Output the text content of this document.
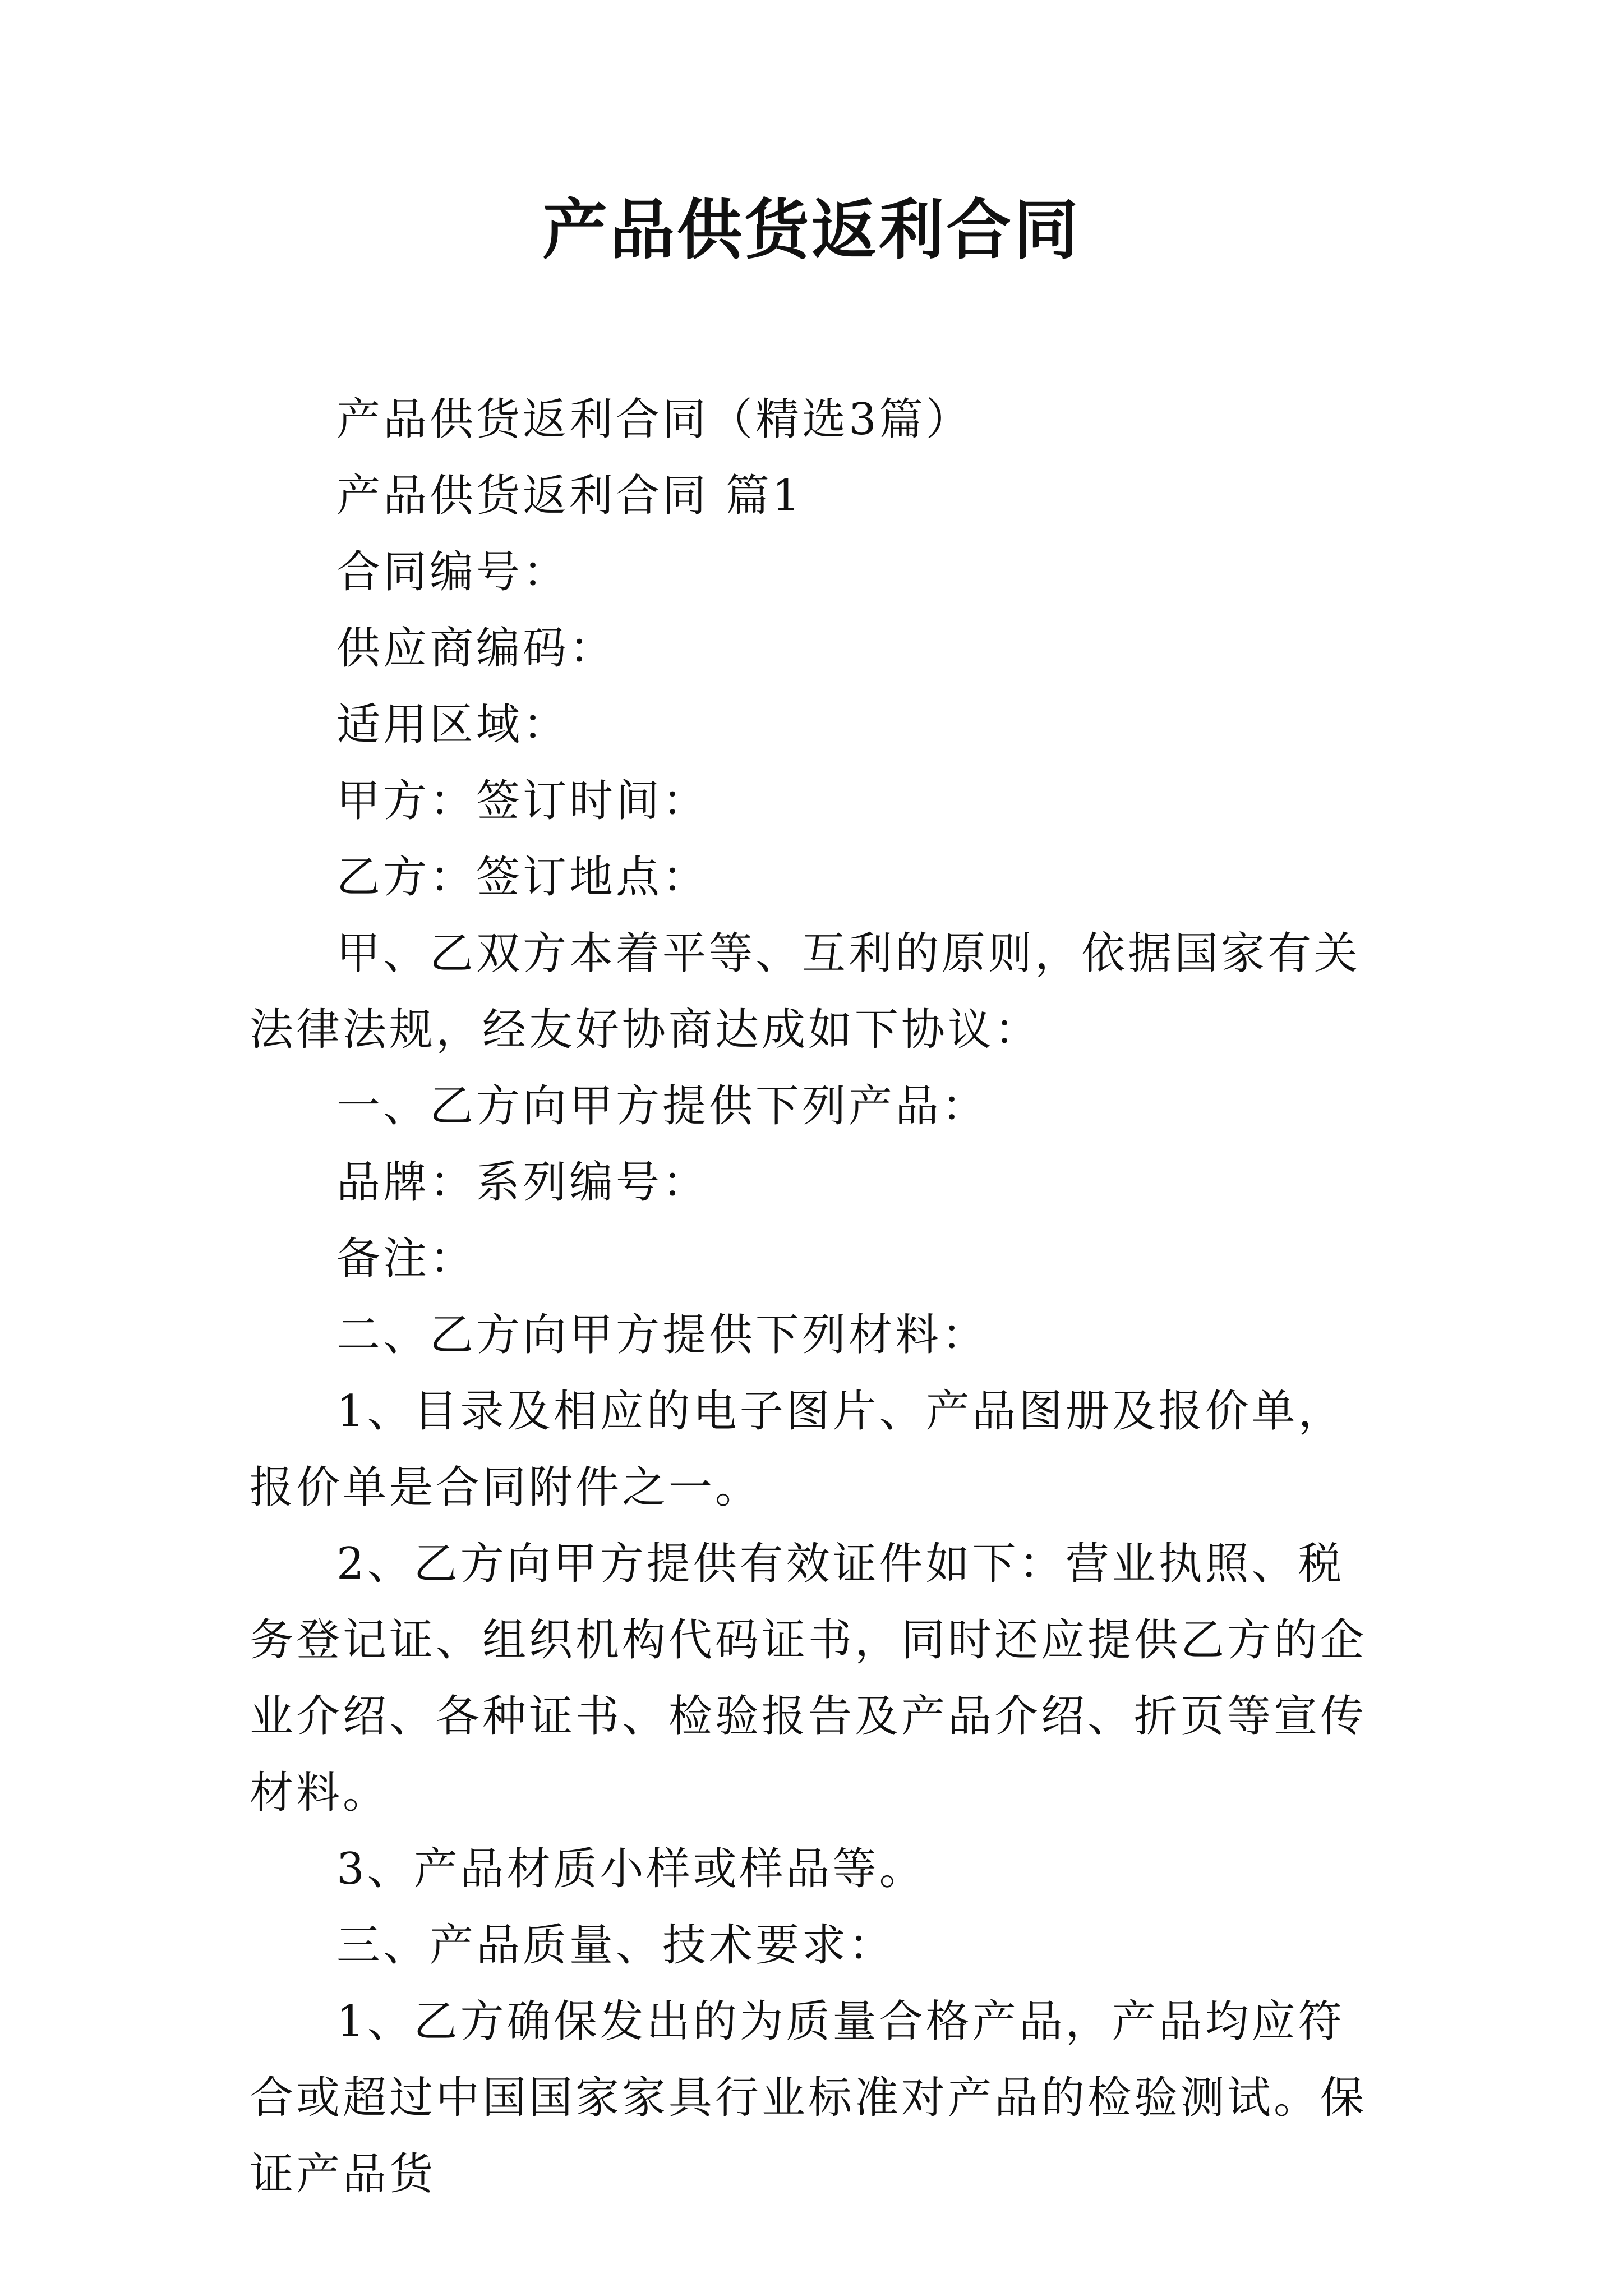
产品供货返利合同

产品供货返利合同（精选3篇）

产品供货返利合同 篇1

合同编号：

供应商编码：

适用区域：

甲方：签订时间：

乙方：签订地点：

甲、乙双方本着平等、互利的原则，依据国家有关法律法规，经友好协商达成如下协议：

一、乙方向甲方提供下列产品：

品牌：系列编号：

备注：

二、乙方向甲方提供下列材料：

1、目录及相应的电子图片、产品图册及报价单，报价单是合同附件之一。

2、乙方向甲方提供有效证件如下：营业执照、税务登记证、组织机构代码证书，同时还应提供乙方的企业介绍、各种证书、检验报告及产品介绍、折页等宣传材料。

3、产品材质小样或样品等。

三、产品质量、技术要求：

1、乙方确保发出的为质量合格产品，产品均应符合或超过中国国家家具行业标准对产品的检验测试。保证产品货
